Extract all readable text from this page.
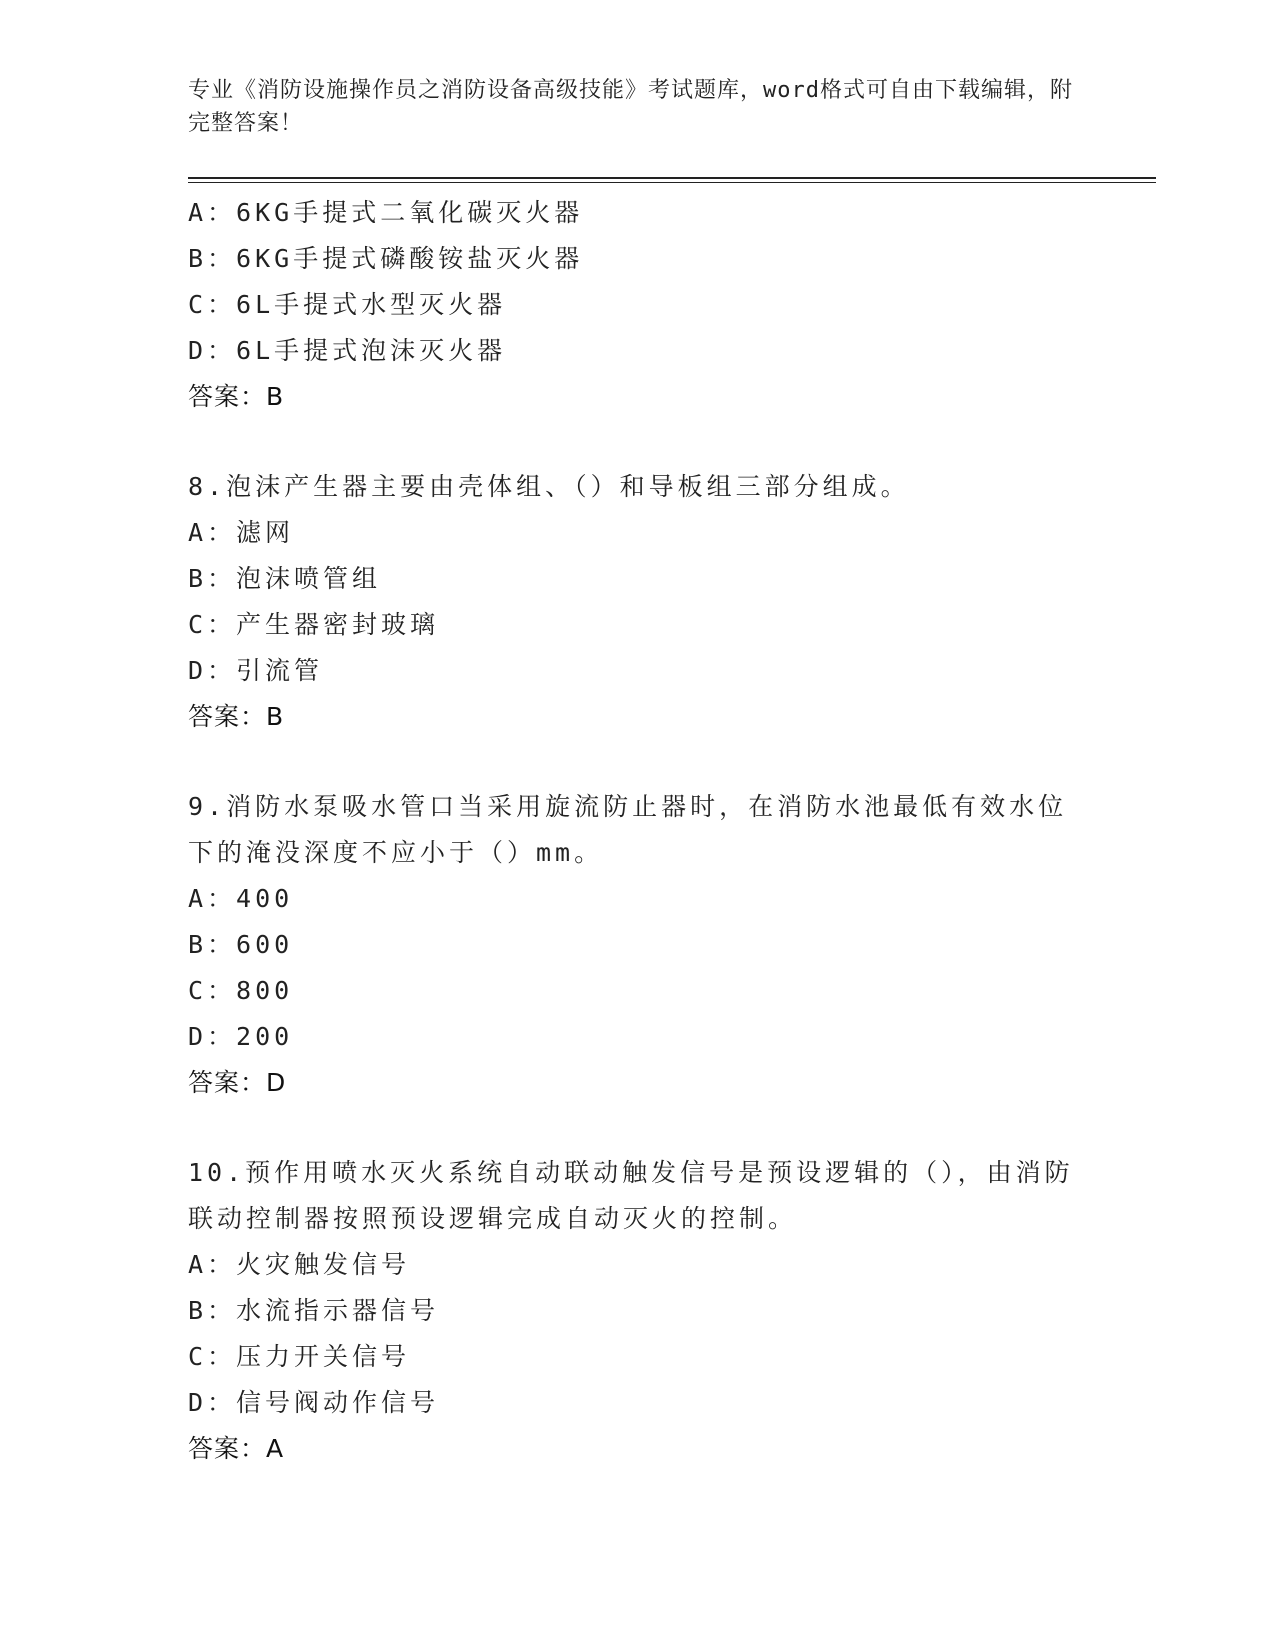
专业《消防设施操作员之消防设备高级技能》考试题库，word格式可自由下载编辑，附完整答案！
A：6KG手提式二氧化碳灭火器
B：6KG手提式磷酸铵盐灭火器
C：6L手提式水型灭火器
D：6L手提式泡沫灭火器
答案：B
8.泡沫产生器主要由壳体组、（）和导板组三部分组成。
A：滤网
B：泡沫喷管组
C：产生器密封玻璃
D：引流管
答案：B
9.消防水泵吸水管口当采用旋流防止器时，在消防水池最低有效水位下的淹没深度不应小于（）mm。
A：400
B：600
C：800
D：200
答案：D
10.预作用喷水灭火系统自动联动触发信号是预设逻辑的（），由消防联动控制器按照预设逻辑完成自动灭火的控制。
A：火灾触发信号
B：水流指示器信号
C：压力开关信号
D：信号阀动作信号
答案：A
